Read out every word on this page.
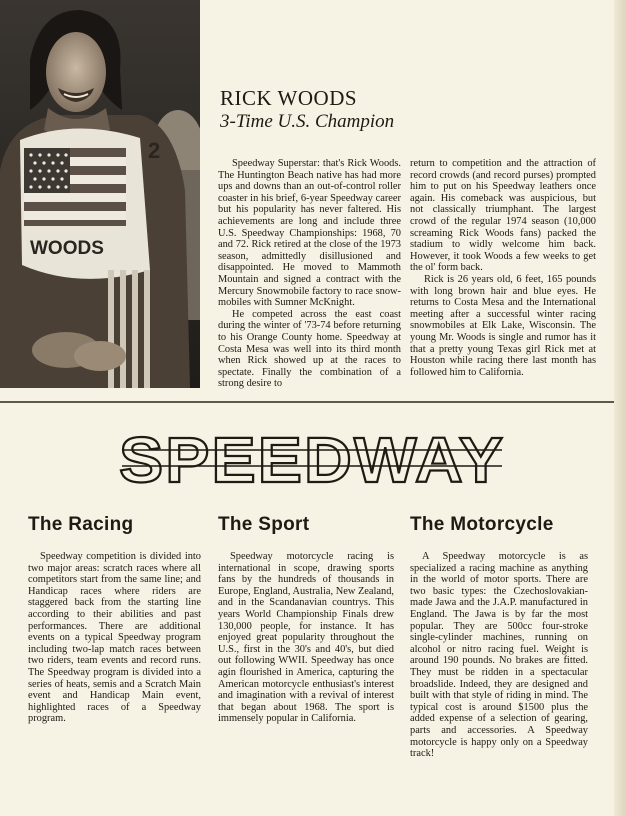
2
WOODS

RICK WOODS

3-Time U.S. Champion

Speedway Superstar: that's Rick Woods. The Huntington Beach native has had more ups and downs than an out-of-control roller coaster in his brief, 6-year Speedway career but his popularity has never faltered. His achievements are long and include three U.S. Speedway Championships: 1968, 70 and 72. Rick retired at the close of the 1973 season, admittedly disillusioned and disappointed. He moved to Mammoth Mountain and signed a contract with the Mercury Snowmobile factory to race snow-mobiles with Sumner McKnight.

He competed across the east coast during the winter of '73-74 before returning to his Orange County home. Speedway at Costa Mesa was well into its third month when Rick showed up at the races to spectate. Finally the combination of a strong desire to

return to competition and the attraction of record crowds (and record purses) prompted him to put on his Speedway leathers once again. His comeback was auspicious, but not classically triumphant. The largest crowd of the regular 1974 season (10,000 screaming Rick Woods fans) packed the stadium to widly welcome him back. However, it took Woods a few weeks to get the ol' form back.

Rick is 26 years old, 6 feet, 165 pounds with long brown hair and blue eyes. He returns to Costa Mesa and the International meeting after a successful winter racing snowmobiles at Elk Lake, Wisconsin. The young Mr. Woods is single and rumor has it that a pretty young Texas girl Rick met at Houston while racing there last month has followed him to California.

SPEEDWAY
The Racing	The Sport	The Motorcycle

Speedway competition is divided into two major areas: scratch races where all competitors start from the same line; and Handicap races where riders are staggered back from the starting line according to their abilities and past performances. There are additional events on a typical Speedway program including two-lap match races between two riders, team events and record runs. The Speedway program is divided into a series of heats, semis and a Scratch Main event and Handicap Main event, highlighted races of a Speedway program.

Speedway motorcycle racing is international in scope, drawing sports fans by the hundreds of thousands in Europe, England, Australia, New Zealand, and in the Scandanavian countrys. This years World Championship Finals drew 130,000 people, for instance. It has enjoyed great popularity throughout the U.S., first in the 30's and 40's, but died out following WWII. Speedway has once agin flourished in America, capturing the American motorcycle enthusiast's interest and imagination with a revival of interest that began about 1968. The sport is immensely popular in California.

A Speedway motorcycle is as specialized a racing machine as anything in the world of motor sports. There are two basic types: the Czechoslovakian-made Jawa and the J.A.P. manufactured in England. The Jawa is by far the most popular. They are 500cc four-stroke single-cylinder machines, running on alcohol or nitro racing fuel. Weight is around 190 pounds. No brakes are fitted. They must be ridden in a spectacular broadslide. Indeed, they are designed and built with that style of riding in mind. The typical cost is around $1500 plus the added expense of a selection of gearing, parts and accessories. A Speedway motorcycle is happy only on a Speedway track!
